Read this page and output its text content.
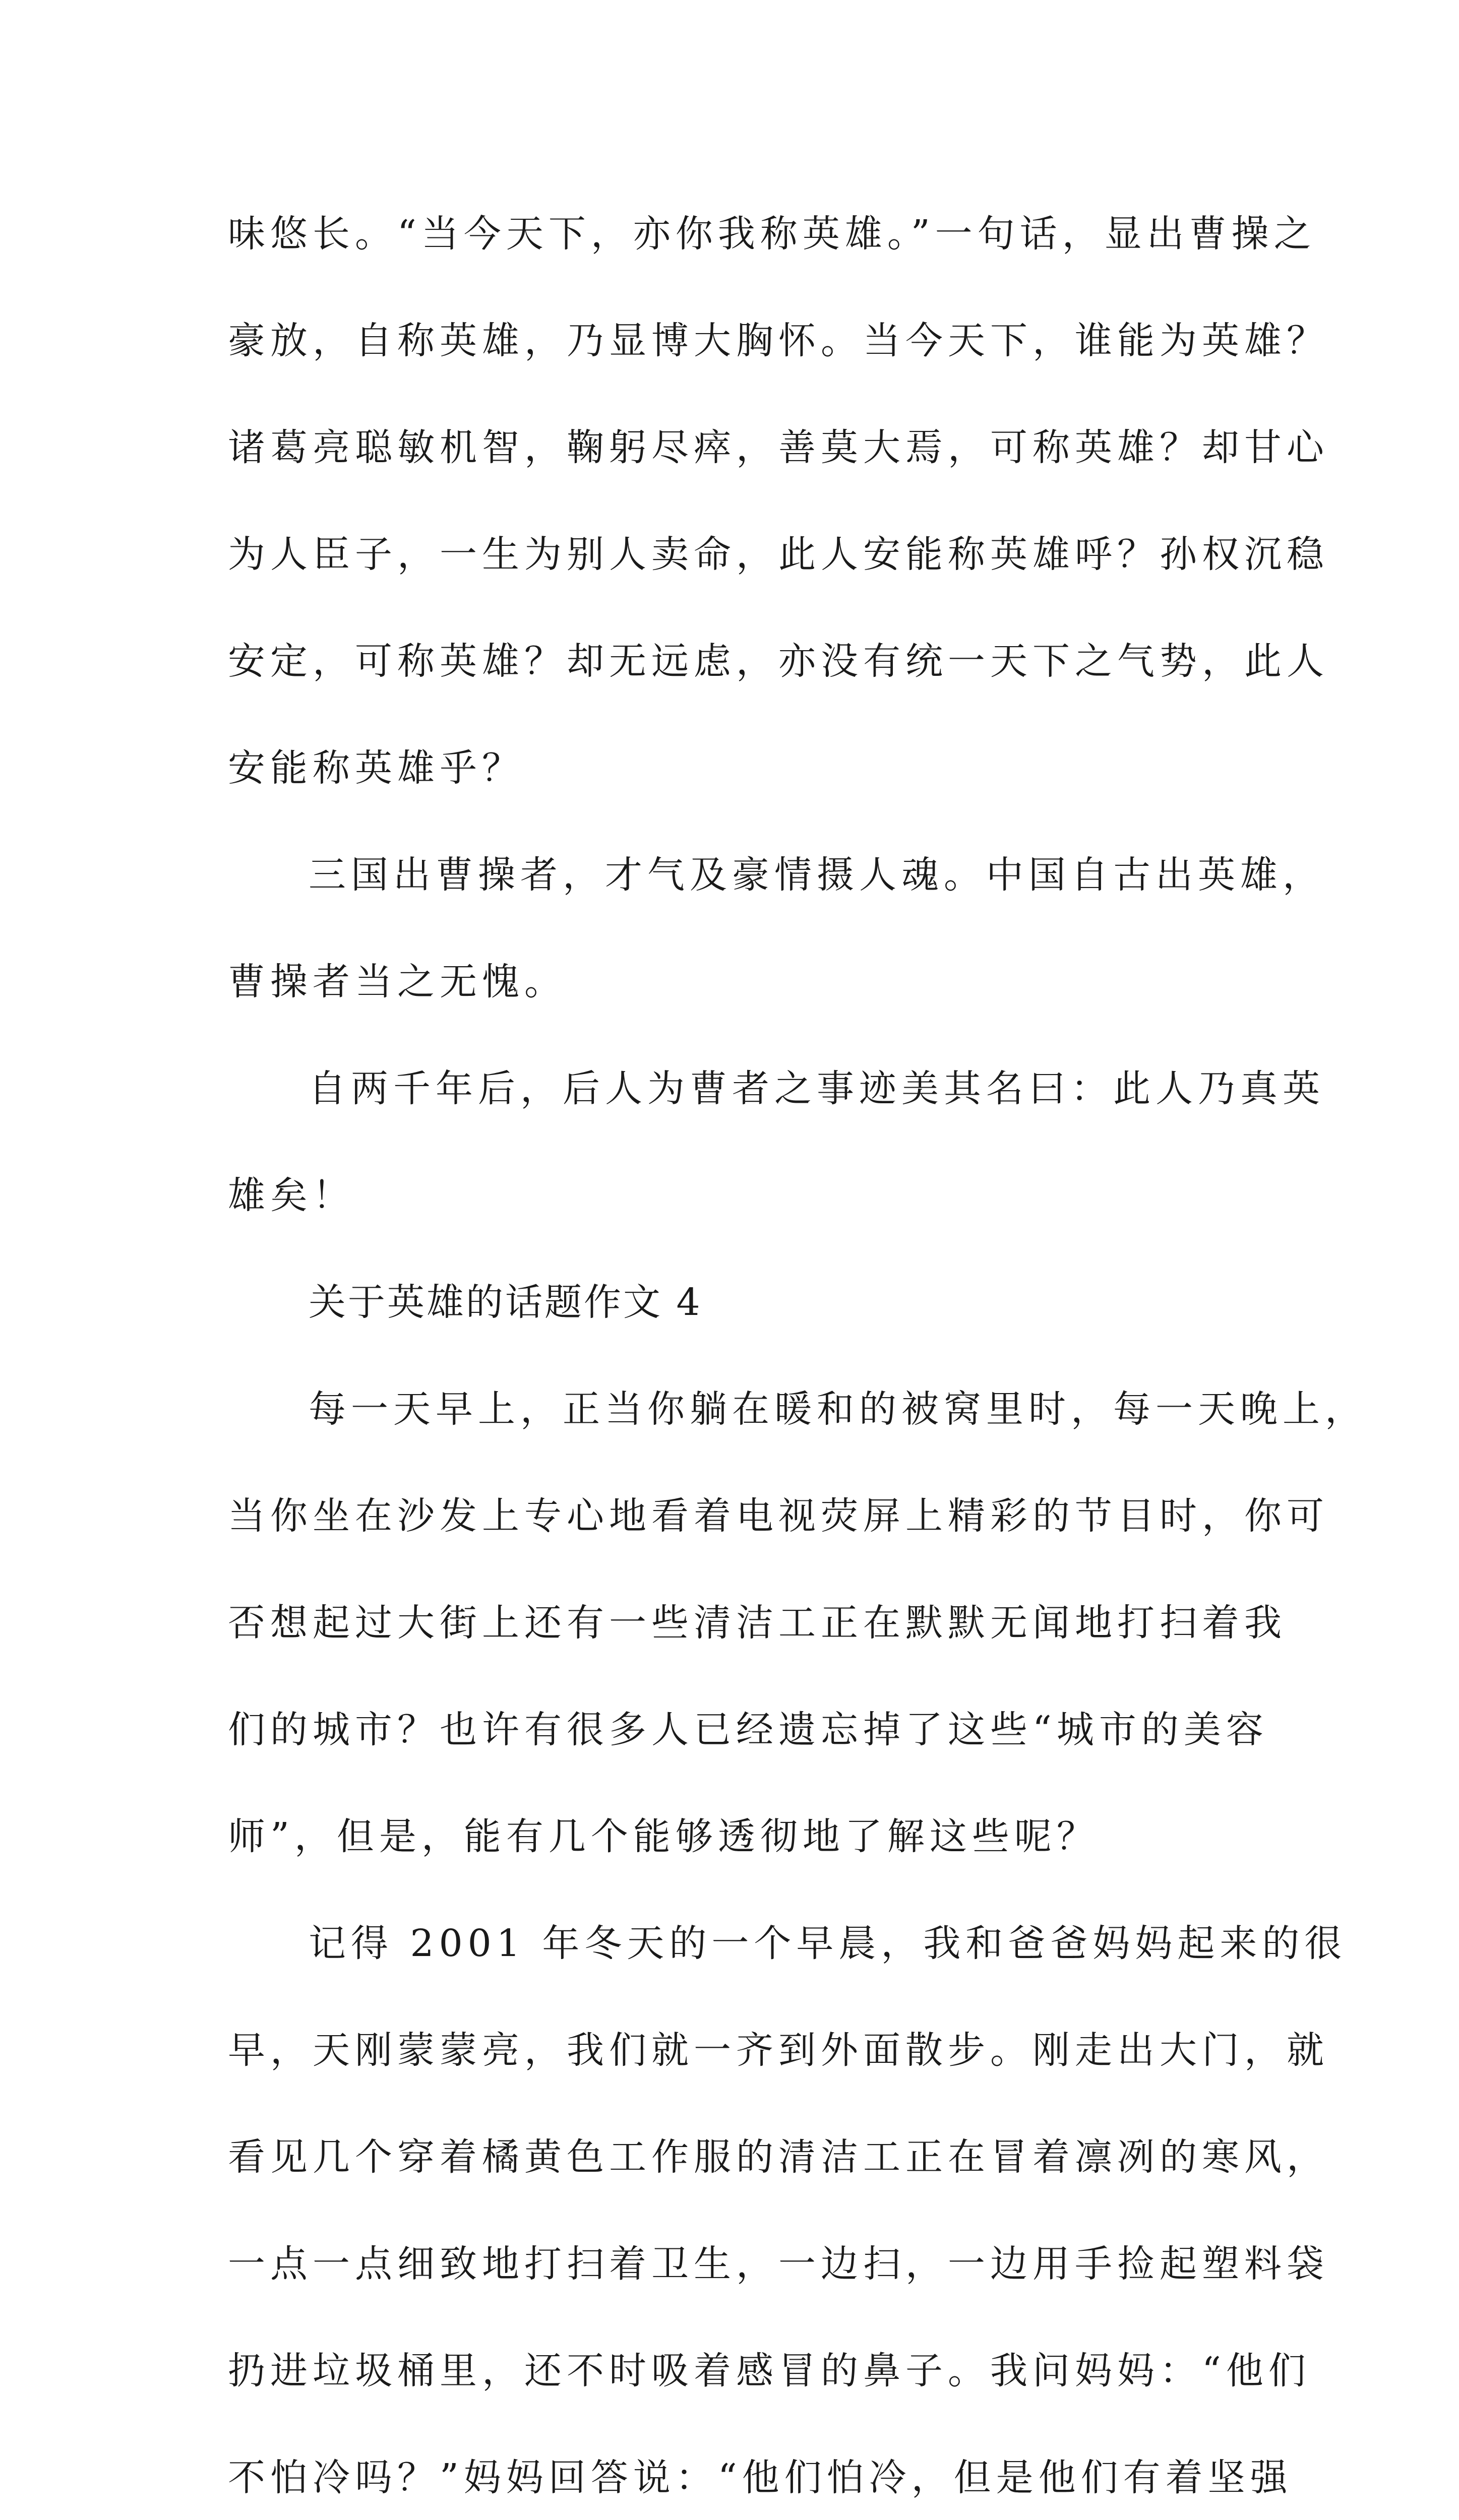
味悠长。“当今天下，亦你我称英雄。”一句话，显出曹操之
豪放，自称英雄，乃显博大胸怀。当今天下，谁能为英雄？
诸葛亮聪敏机智，鞠躬尽瘁，善莫大焉，可称英雄？却甘心
为人臣子，一生为别人卖命，此人安能称英雄呼？孙权沉稳
安定，可称英雄？却无远虑，亦没有统一天下之气势，此人
安能称英雄乎？
三国出曹操者，才气及豪情摄人魂。中国自古出英雄，
曹操者当之无愧。
自两千年后，后人为曹者之事迹美其名曰：此人乃真英
雄矣！
关于英雄的话题作文 4
每一天早上，正当你躺在暖和的被窝里时，每一天晚上，
当你坐在沙发上专心地看着电视荧屏上精彩的节目时，你可
否想起过大街上还有一些清洁工正在默默无闻地打扫着我
们的城市？也许有很多人已经遗忘掉了这些“城市的美容
师”，但是，能有几个能够透彻地了解这些呢？
记得 2001 年冬天的一个早晨，我和爸爸妈妈起来的很
早，天刚蒙蒙亮，我们就一齐到外面散步。刚走出大门，就
看见几个穿着橘黄色工作服的清洁工正在冒着凛冽的寒风，
一点一点细致地打扫着卫生，一边扫，一边用手捡起塑料袋
扔进垃圾桶里，还不时吸着感冒的鼻子。我问妈妈：“他们
不怕冷吗？”妈妈回答说：“他们怕冷，但是他们有着坚强
